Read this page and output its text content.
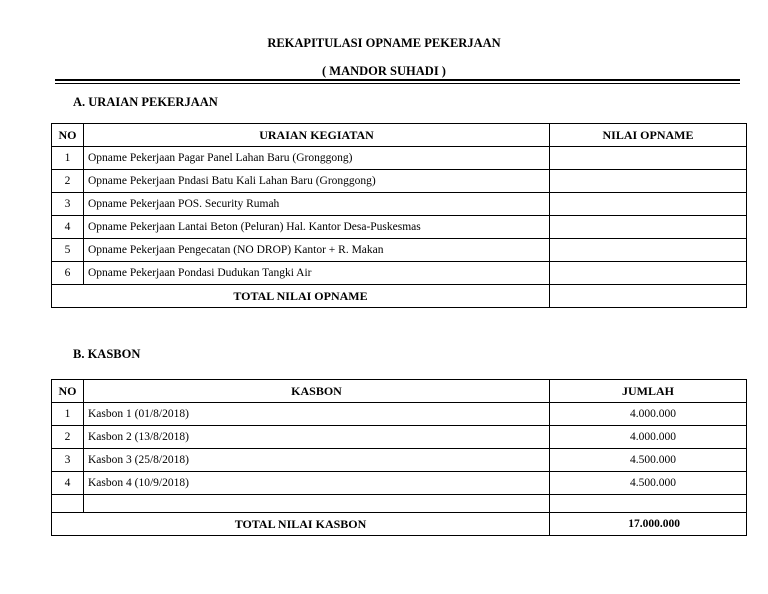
REKAPITULASI OPNAME PEKERJAAN
( MANDOR SUHADI )
A. URAIAN PEKERJAAN
NO	URAIAN KEGIATAN	NILAI OPNAME
1	Opname Pekerjaan Pagar Panel Lahan Baru (Gronggong)	
2	Opname Pekerjaan Pndasi Batu Kali Lahan Baru (Gronggong)	
3	Opname Pekerjaan POS. Security Rumah	
4	Opname Pekerjaan Lantai Beton (Peluran) Hal. Kantor Desa-Puskesmas	
5	Opname Pekerjaan Pengecatan (NO DROP) Kantor + R. Makan	
6	Opname Pekerjaan Pondasi Dudukan Tangki Air	
TOTAL NILAI OPNAME		
B. KASBON
NO	KASBON	JUMLAH
1	Kasbon 1 (01/8/2018)	4.000.000
2	Kasbon 2 (13/8/2018)	4.000.000
3	Kasbon 3 (25/8/2018)	4.500.000
4	Kasbon 4 (10/9/2018)	4.500.000

TOTAL NILAI KASBON		17.000.000
